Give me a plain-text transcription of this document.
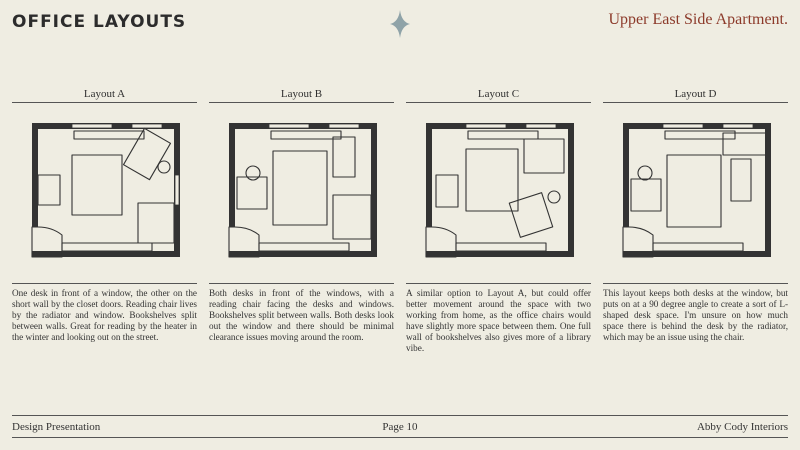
OFFICE LAYOUTS	Upper East Side Apartment.
Layout A
One desk in front of a window, the other on the short wall by the closet doors. Reading chair lives by the radiator and window. Bookshelves split between walls. Great for reading by the heater in the winter and looking out on the street.
Layout B
Both desks in front of the windows, with a reading chair facing the desks and windows. Bookshelves split between walls. Both desks look out the window and there should be minimal clearance issues moving around the room.
Layout C
A similar option to Layout A, but could offer better movement around the space with two working from home, as the office chairs would have slightly more space between them. One full wall of bookshelves also gives more of a library vibe.
Layout D
This layout keeps both desks at the window, but puts on at a 90 degree angle to create a sort of L-shaped desk space. I'm unsure on how much space there is behind the desk by the radiator, which may be an issue using the chair.
Design Presentation	Page 10	Abby Cody Interiors
